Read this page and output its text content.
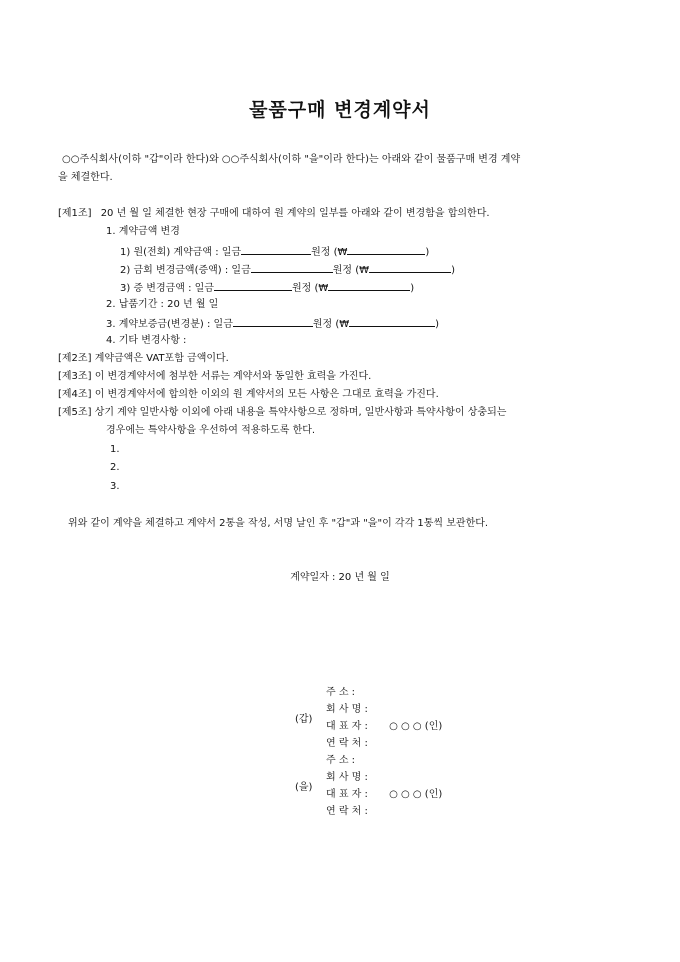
물품구매 변경계약서
○○주식회사(이하 "갑"이라 한다)와 ○○주식회사(이하 "을"이라 한다)는 아래와 같이 물품구매 변경 계약
을 체결한다.
[제1조] 20 년 월 일 체결한 현장 구매에 대하여 원 계약의 일부를 아래와 같이 변경함을 합의한다.
1. 계약금액 변경
1) 원(전회) 계약금액 : 일금	원정 (₩	)
2) 금회 변경금액(증액) : 일금	원정 (₩	)
3) 증 변경금액 : 일금	원정 (₩	)
2. 납품기간 : 20 년 월 일
3. 계약보증금(변경분) : 일금	원정 (₩	)
4. 기타 변경사항 :
[제2조] 계약금액은 VAT포함 금액이다.
[제3조] 이 변경계약서에 첨부한 서류는 계약서와 동일한 효력을 가진다.
[제4조] 이 변경계약서에 합의한 이외의 원 계약서의 모든 사항은 그대로 효력을 가진다.
[제5조] 상기 계약 일반사항 이외에 아래 내용을 특약사항으로 정하며, 일반사항과 특약사항이 상충되는
경우에는 특약사항을 우선하여 적용하도록 한다.
1.
2.
3.
위와 같이 계약을 체결하고 계약서 2통을 작성, 서명 날인 후 "갑"과 "을"이 각각 1통씩 보관한다.
계약일자 : 20 년 월 일
(갑)
주 소 :
회 사 명 :
대 표 자 : ○ ○ ○ (인)
연 락 처 :
(을)
주 소 :
회 사 명 :
대 표 자 : ○ ○ ○ (인)
연 락 처 :
